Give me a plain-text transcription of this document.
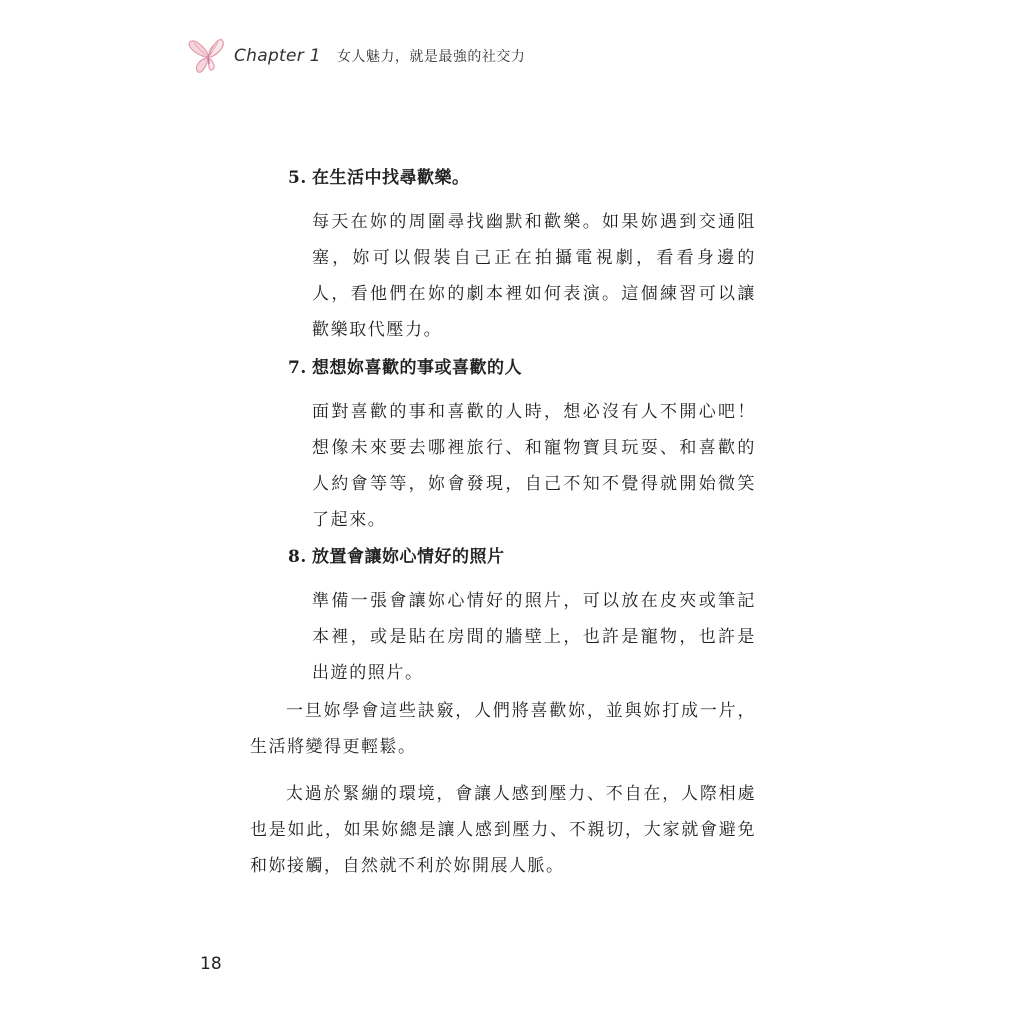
Chapter 1 女人魅力，就是最強的社交力
5. 在生活中找尋歡樂。
每天在妳的周圍尋找幽默和歡樂。如果妳遇到交通阻塞，妳可以假裝自己正在拍攝電視劇，看看身邊的人，看他們在妳的劇本裡如何表演。這個練習可以讓歡樂取代壓力。
7. 想想妳喜歡的事或喜歡的人
面對喜歡的事和喜歡的人時，想必沒有人不開心吧！想像未來要去哪裡旅行、和寵物寶貝玩耍、和喜歡的人約會等等，妳會發現，自己不知不覺得就開始微笑了起來。
8. 放置會讓妳心情好的照片
準備一張會讓妳心情好的照片，可以放在皮夾或筆記本裡，或是貼在房間的牆壁上，也許是寵物，也許是出遊的照片。
一旦妳學會這些訣竅，人們將喜歡妳，並與妳打成一片，生活將變得更輕鬆。
太過於緊繃的環境，會讓人感到壓力、不自在，人際相處也是如此，如果妳總是讓人感到壓力、不親切，大家就會避免和妳接觸，自然就不利於妳開展人脈。
18
